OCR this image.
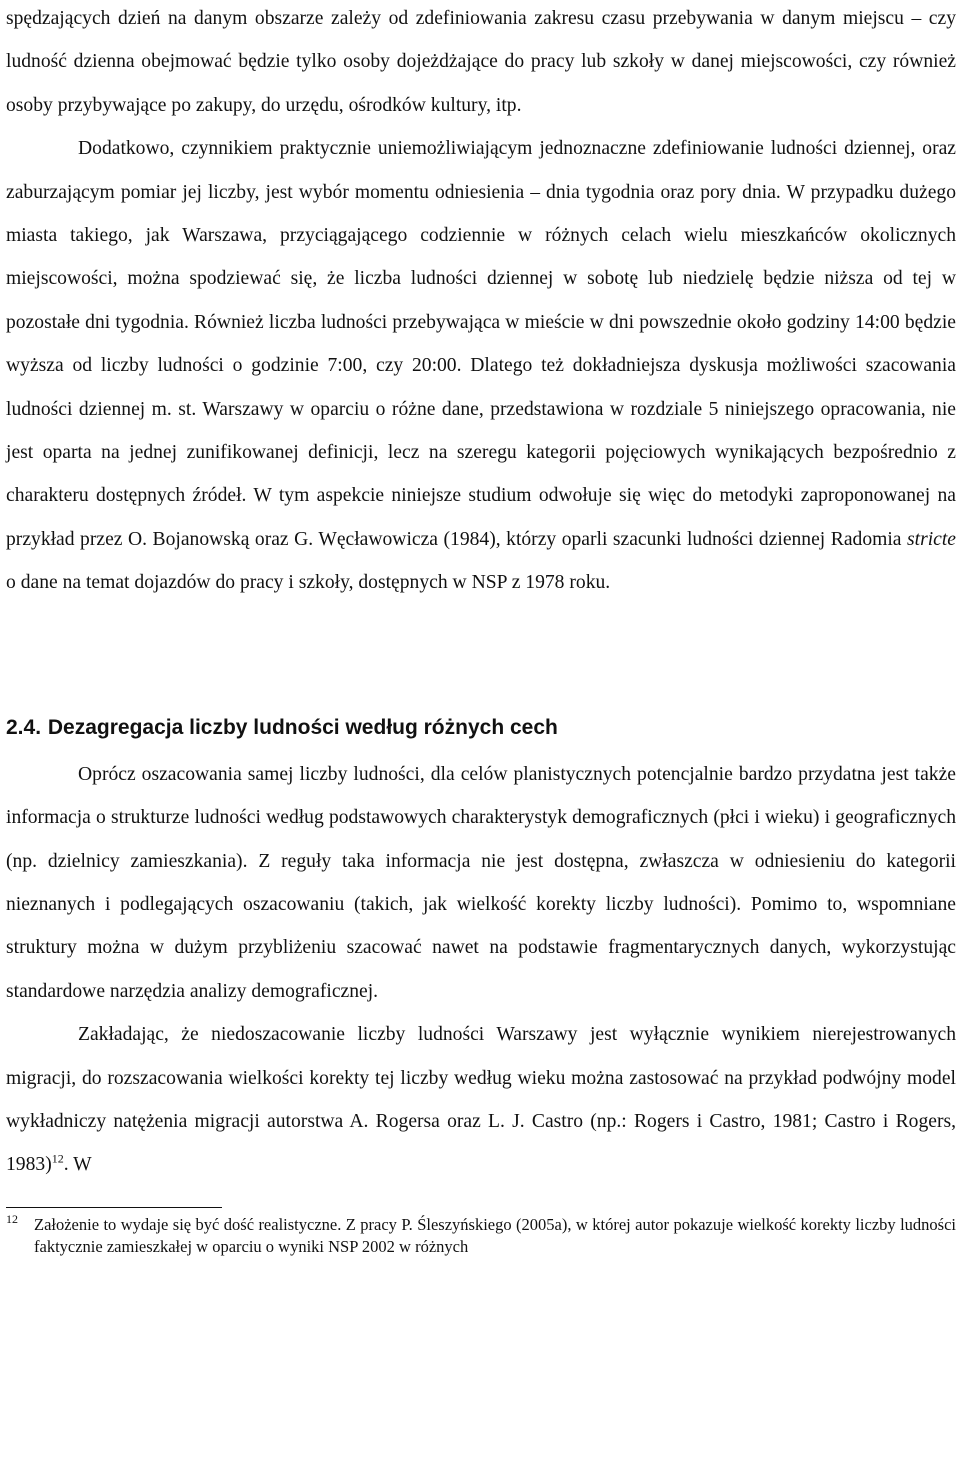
spędzających dzień na danym obszarze zależy od zdefiniowania zakresu czasu przebywania w danym miejscu – czy ludność dzienna obejmować będzie tylko osoby dojeżdżające do pracy lub szkoły w danej miejscowości, czy również osoby przybywające po zakupy, do urzędu, ośrodków kultury, itp.

Dodatkowo, czynnikiem praktycznie uniemożliwiającym jednoznaczne zdefiniowanie ludności dziennej, oraz zaburzającym pomiar jej liczby, jest wybór momentu odniesienia – dnia tygodnia oraz pory dnia. W przypadku dużego miasta takiego, jak Warszawa, przyciągającego codziennie w różnych celach wielu mieszkańców okolicznych miejscowości, można spodziewać się, że liczba ludności dziennej w sobotę lub niedzielę będzie niższa od tej w pozostałe dni tygodnia. Również liczba ludności przebywająca w mieście w dni powszednie około godziny 14:00 będzie wyższa od liczby ludności o godzinie 7:00, czy 20:00. Dlatego też dokładniejsza dyskusja możliwości szacowania ludności dziennej m. st. Warszawy w oparciu o różne dane, przedstawiona w rozdziale 5 niniejszego opracowania, nie jest oparta na jednej zunifikowanej definicji, lecz na szeregu kategorii pojęciowych wynikających bezpośrednio z charakteru dostępnych źródeł. W tym aspekcie niniejsze studium odwołuje się więc do metodyki zaproponowanej na przykład przez O. Bojanowską oraz G. Węcławowicza (1984), którzy oparli szacunki ludności dziennej Radomia stricte o dane na temat dojazdów do pracy i szkoły, dostępnych w NSP z 1978 roku.

2.4. Dezagregacja liczby ludności według różnych cech

Oprócz oszacowania samej liczby ludności, dla celów planistycznych potencjalnie bardzo przydatna jest także informacja o strukturze ludności według podstawowych charakterystyk demograficznych (płci i wieku) i geograficznych (np. dzielnicy zamieszkania). Z reguły taka informacja nie jest dostępna, zwłaszcza w odniesieniu do kategorii nieznanych i podlegających oszacowaniu (takich, jak wielkość korekty liczby ludności). Pomimo to, wspomniane struktury można w dużym przybliżeniu szacować nawet na podstawie fragmentarycznych danych, wykorzystując standardowe narzędzia analizy demograficznej.

Zakładając, że niedoszacowanie liczby ludności Warszawy jest wyłącznie wynikiem nierejestrowanych migracji, do rozszacowania wielkości korekty tej liczby według wieku można zastosować na przykład podwójny model wykładniczy natężenia migracji autorstwa A. Rogersa oraz L. J. Castro (np.: Rogers i Castro, 1981; Castro i Rogers, 1983)$^{12}$. W

12 Założenie to wydaje się być dość realistyczne. Z pracy P. Śleszyńskiego (2005a), w której autor pokazuje wielkość korekty liczby ludności faktycznie zamieszkałej w oparciu o wyniki NSP 2002 w różnych
